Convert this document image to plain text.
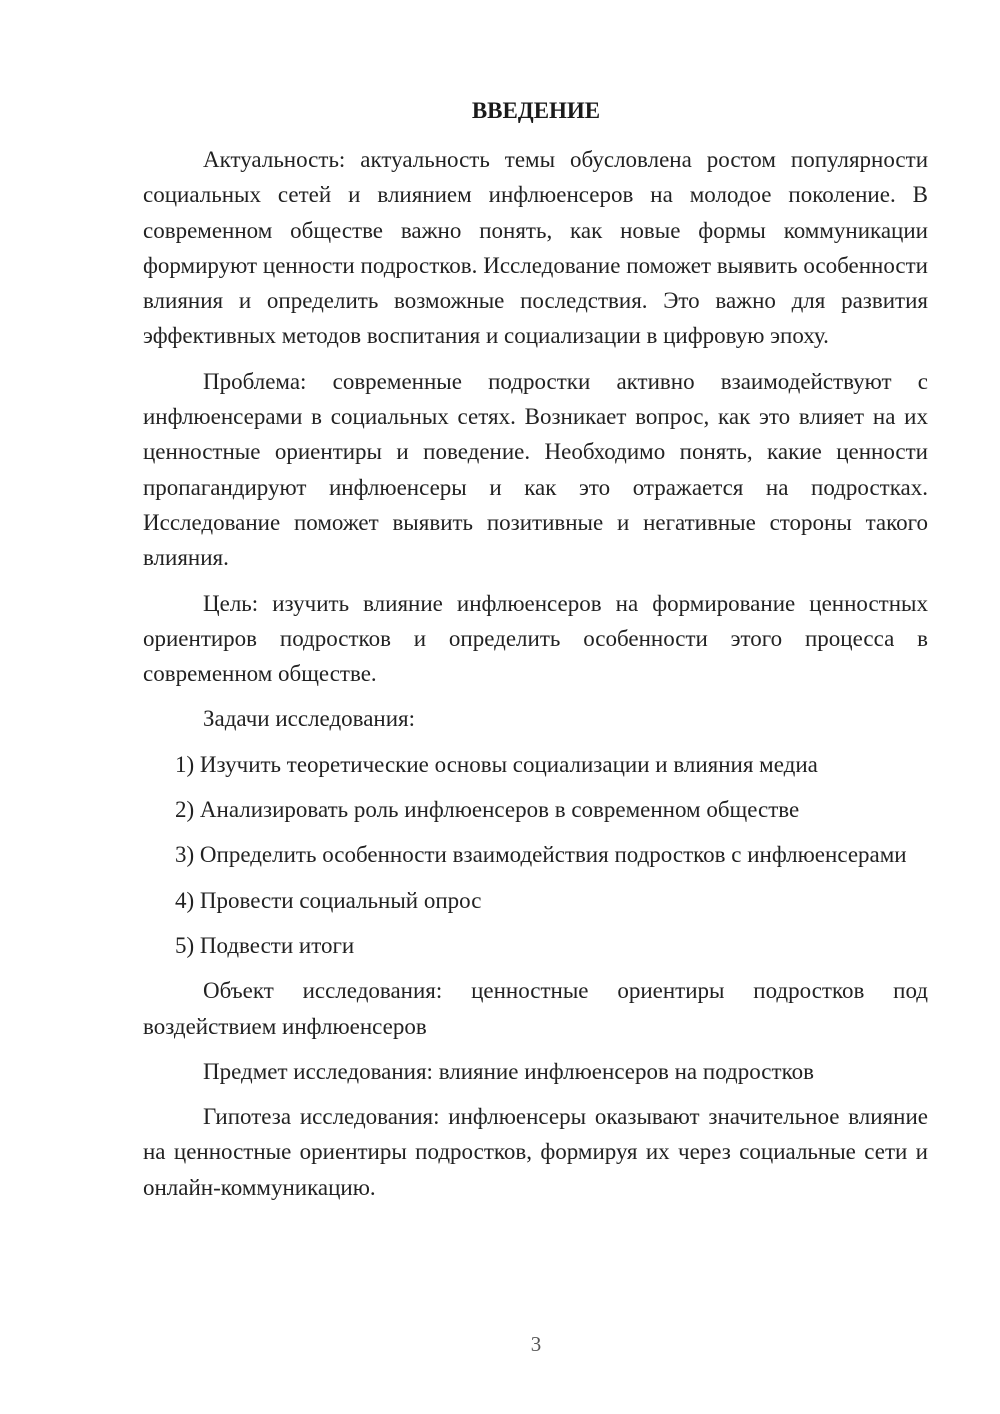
ВВЕДЕНИЕ

Актуальность: актуальность темы обусловлена ростом популярности социальных сетей и влиянием инфлюенсеров на молодое поколение. В современном обществе важно понять, как новые формы коммуникации формируют ценности подростков. Исследование поможет выявить особенности влияния и определить возможные последствия. Это важно для развития эффективных методов воспитания и социализации в цифровую эпоху.

Проблема: современные подростки активно взаимодействуют с инфлюенсерами в социальных сетях. Возникает вопрос, как это влияет на их ценностные ориентиры и поведение. Необходимо понять, какие ценности пропагандируют инфлюенсеры и как это отражается на подростках. Исследование поможет выявить позитивные и негативные стороны такого влияния.

Цель: изучить влияние инфлюенсеров на формирование ценностных ориентиров подростков и определить особенности этого процесса в современном обществе.

Задачи исследования:

1) Изучить теоретические основы социализации и влияния медиа

2) Анализировать роль инфлюенсеров в современном обществе

3) Определить особенности взаимодействия подростков с инфлюенсерами

4) Провести социальный опрос

5) Подвести итоги

Объект исследования: ценностные ориентиры подростков под воздействием инфлюенсеров

Предмет исследования: влияние инфлюенсеров на подростков

Гипотеза исследования: инфлюенсеры оказывают значительное влияние на ценностные ориентиры подростков, формируя их через социальные сети и онлайн-коммуникацию.

3
